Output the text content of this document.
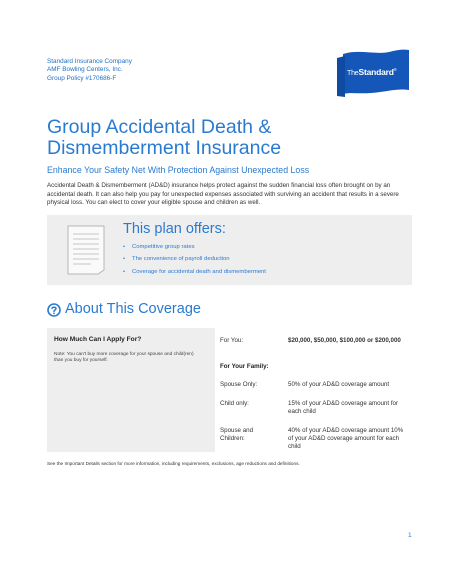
Standard Insurance Company
AMF Bowling Centers, Inc.
Group Policy #170686-F
TheStandard®
Group Accidental Death & Dismemberment Insurance
Enhance Your Safety Net With Protection Against Unexpected Loss

Accidental Death & Dismemberment (AD&D) insurance helps protect against the sudden financial loss often brought on by an accidental death. It can also help you pay for unexpected expenses associated with surviving an accident that results in a severe physical loss. You can elect to cover your eligible spouse and children as well.

This plan offers:
• Competitive group rates
• The convenience of payroll deduction
• Coverage for accidental death and dismemberment
About This Coverage
How Much Can I Apply For?

Note: You can't buy more coverage for your spouse and child(ren) than you buy for yourself.

For You:	$20,000, $50,000, $100,000 or $200,000
For Your Family:
Spouse Only:	50% of your AD&D coverage amount
Child only:	15% of your AD&D coverage amount for each child
Spouse and Children:
40% of your AD&D coverage amount 10% of your AD&D coverage amount for each child
See the Important Details section for more information, including requirements, exclusions, age reductions and definitions.
1
